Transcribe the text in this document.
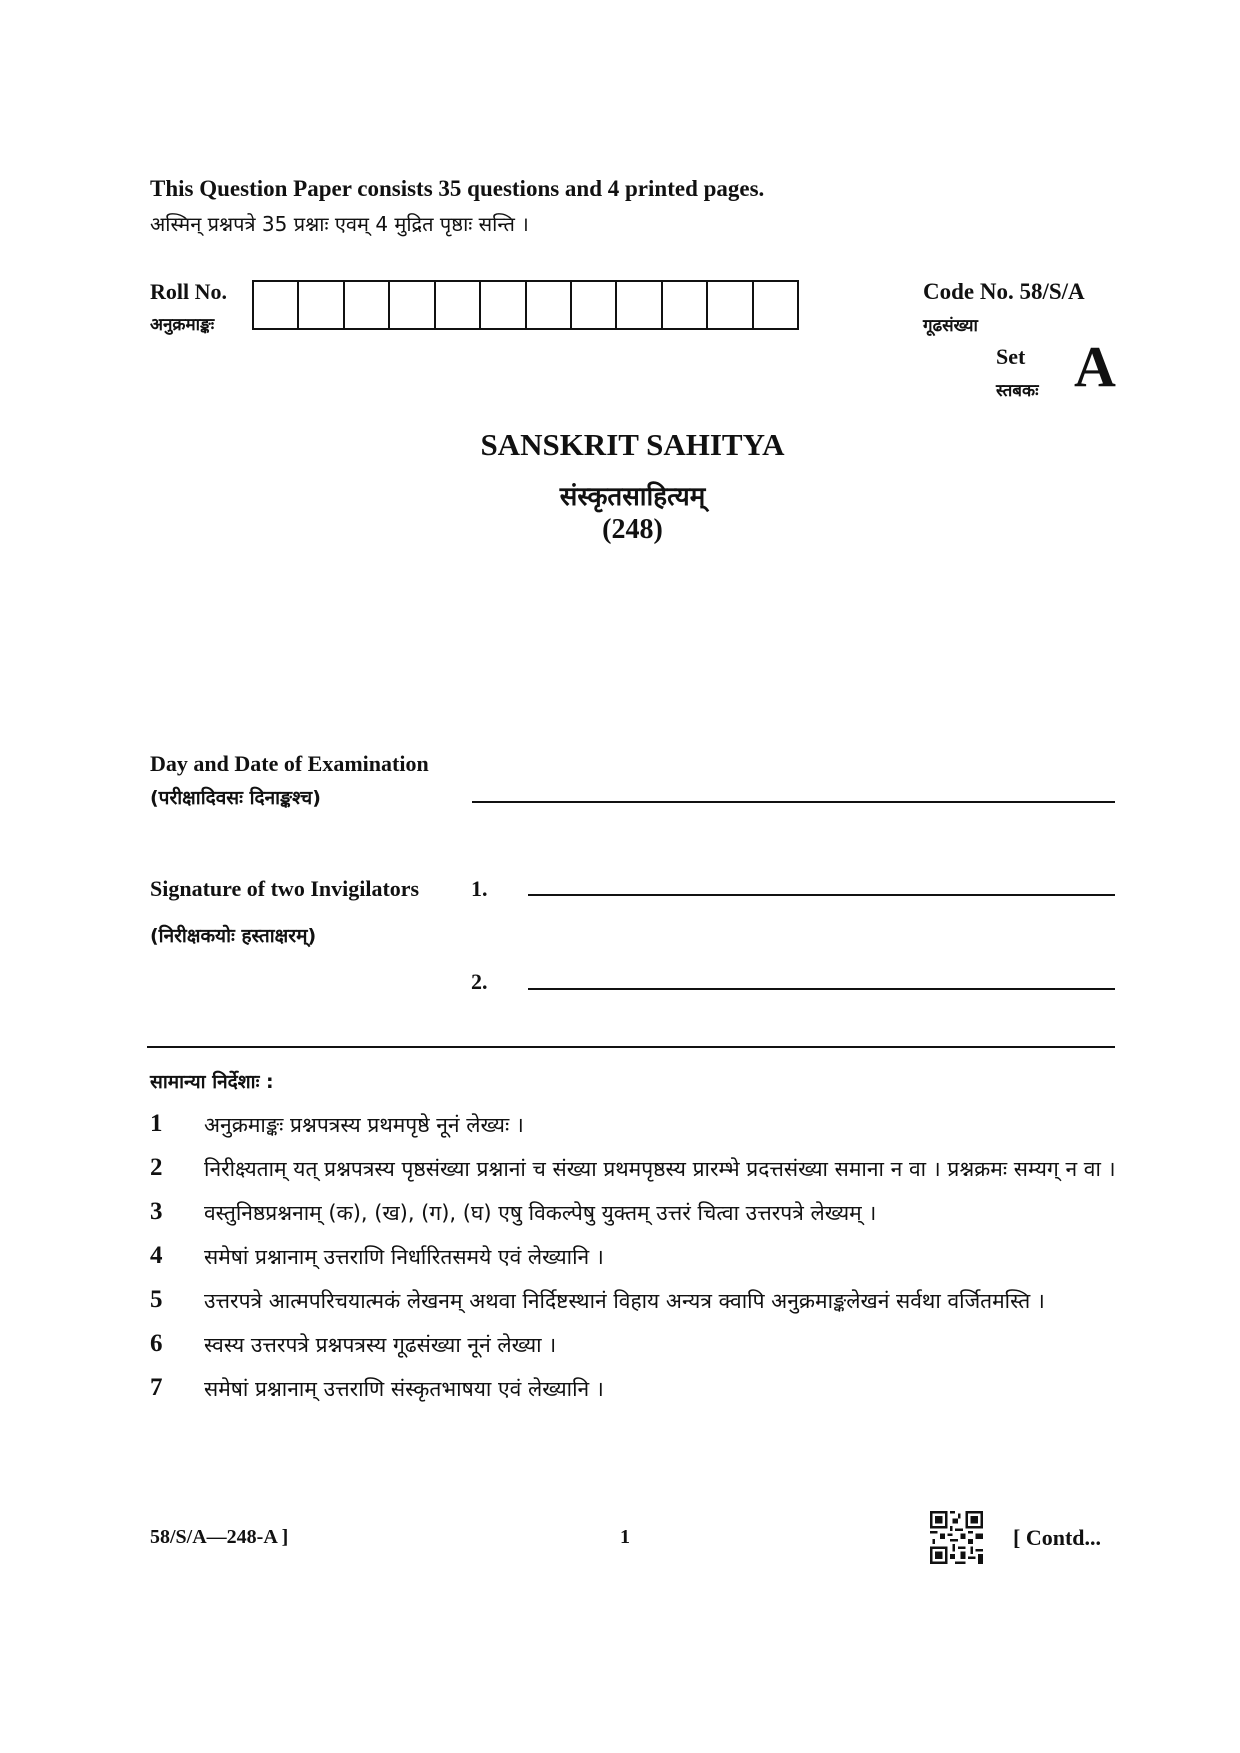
This Question Paper consists 35 questions and 4 printed pages.
अस्मिन् प्रश्नपत्रे 35 प्रश्नाः एवम् 4 मुद्रित पृष्ठाः सन्ति ।
Roll No.
अनुक्रमाङ्कः
Code No. 58/S/A
गूढसंख्या
Set
स्तबकः A
SANSKRIT SAHITYA
संस्कृतसाहित्यम्
(248)
Day and Date of Examination
(परीक्षादिवसः दिनाङ्कश्च)
Signature of two Invigilators 1.
(निरीक्षकयोः हस्ताक्षरम्)
2.
सामान्या निर्देशाः :
1	अनुक्रमाङ्कः प्रश्नपत्रस्य प्रथमपृष्ठे नूनं लेख्यः ।
2	निरीक्ष्यताम् यत् प्रश्नपत्रस्य पृष्ठसंख्या प्रश्नानां च संख्या प्रथमपृष्ठस्य प्रारम्भे प्रदत्तसंख्या समाना न वा । प्रश्नक्रमः सम्यग् न वा ।
3	वस्तुनिष्ठप्रश्ननाम् (क), (ख), (ग), (घ) एषु विकल्पेषु युक्तम् उत्तरं चित्वा उत्तरपत्रे लेख्यम् ।
4	समेषां प्रश्नानाम् उत्तराणि निर्धारितसमये एवं लेख्यानि ।
5	उत्तरपत्रे आत्मपरिचयात्मकं लेखनम् अथवा निर्दिष्टस्थानं विहाय अन्यत्र क्वापि अनुक्रमाङ्कलेखनं सर्वथा वर्जितमस्ति ।
6	स्वस्य उत्तरपत्रे प्रश्नपत्रस्य गूढसंख्या नूनं लेख्या ।
7	समेषां प्रश्नानाम् उत्तराणि संस्कृतभाषया एवं लेख्यानि ।
58/S/A—248-A ]	1	[ Contd...
